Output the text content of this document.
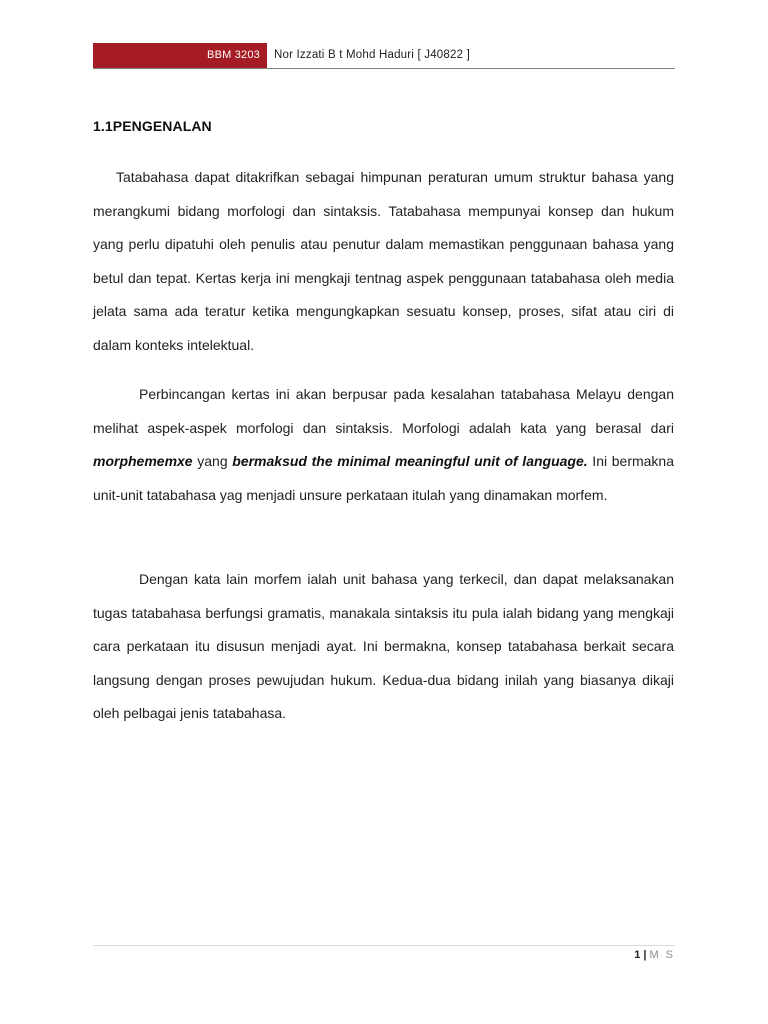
BBM 3203	Nor Izzati B t Mohd Haduri [ J40822 ]
1.1PENGENALAN
Tatabahasa dapat ditakrifkan sebagai himpunan peraturan umum struktur bahasa yang merangkumi bidang morfologi dan sintaksis. Tatabahasa mempunyai konsep dan hukum yang perlu dipatuhi oleh penulis atau penutur dalam memastikan penggunaan bahasa yang betul dan tepat. Kertas kerja ini mengkaji tentnag aspek penggunaan tatabahasa oleh media jelata sama ada teratur ketika mengungkapkan sesuatu konsep, proses, sifat atau ciri di dalam konteks intelektual.
Perbincangan kertas ini akan berpusar pada kesalahan tatabahasa Melayu dengan melihat aspek-aspek morfologi dan sintaksis. Morfologi adalah kata yang berasal dari morphememxe yang bermaksud the minimal meaningful unit of language. Ini bermakna unit-unit tatabahasa yag menjadi unsure perkataan itulah yang dinamakan morfem.
Dengan kata lain morfem ialah unit bahasa yang terkecil, dan dapat melaksanakan tugas tatabahasa berfungsi gramatis, manakala sintaksis itu pula ialah bidang yang mengkaji cara perkataan itu disusun menjadi ayat. Ini bermakna, konsep tatabahasa berkait secara langsung dengan proses pewujudan hukum. Kedua-dua bidang inilah yang biasanya dikaji oleh pelbagai jenis tatabahasa.
1 | M S
